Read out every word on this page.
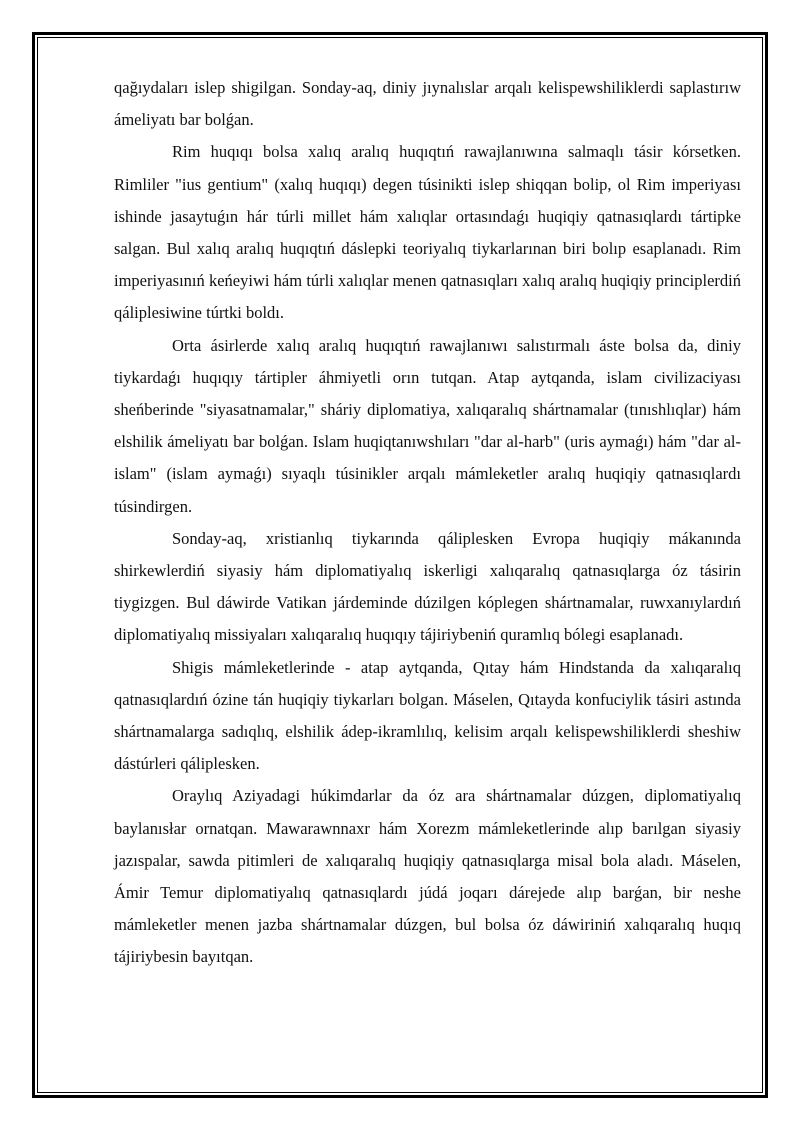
qağıydaları islep shigilgan. Sonday-aq, diniy jıynalıslar arqalı kelispewshiliklerdi saplastırıw ámeliyatı bar bolǵan.

Rim huqıqı bolsa xalıq aralıq huqıqtıń rawajlanıwına salmaqlı tásir kórsetken. Rimliler "ius gentium" (xalıq huqıqı) degen túsinikti islep shiqqan bolip, ol Rim imperiyası ishinde jasaytuǵın hár túrli millet hám xalıqlar ortasındaǵı huqiqiy qatnasıqlardı tártipke salgan. Bul xalıq aralıq huqıqtıń dáslepki teoriyalıq tiykarlarınan biri bolıp esaplanadı. Rim imperiyasınıń keńeyiwi hám túrli xalıqlar menen qatnasıqları xalıq aralıq huqiqiy principlerdiń qáliplesiwine túrtki boldı.

Orta ásirlerde xalıq aralıq huqıqtıń rawajlanıwı salıstırmalı áste bolsa da, diniy tiykardaǵı huqıqıy tártipler áhmiyetli orın tutqan. Atap aytqanda, islam civilizaciyası sheńberinde "siyasatnamalar," sháriy diplomatiya, xalıqaralıq shártnamalar (tınıshlıqlar) hám elshilik ámeliyatı bar bolǵan. Islam huqiqtanıwshıları "dar al-harb" (uris aymaǵı) hám "dar al-islam" (islam aymaǵı) sıyaqlı túsinikler arqalı mámleketler aralıq huqiqiy qatnasıqlardı túsindirgen.

Sonday-aq, xristianlıq tiykarında qáliplesken Evropa huqiqiy mákanında shirkewlerdiń siyasiy hám diplomatiyalıq iskerligi xalıqaralıq qatnasıqlarga óz tásirin tiygizgen. Bul dáwirde Vatikan járdeminde dúzilgen kóplegen shártnamalar, ruwxanıylardıń diplomatiyalıq missiyaları xalıqaralıq huqıqıy tájiriybeniń quramlıq bólegi esaplanadı.

Shigis mámleketlerinde - atap aytqanda, Qıtay hám Hindstanda da xalıqaralıq qatnasıqlardıń ózine tán huqiqiy tiykarları bolgan. Máselen, Qıtayda konfuciylik tásiri astında shártnamalarga sadıqlıq, elshilik ádep-ikramlılıq, kelisim arqalı kelispewshiliklerdi sheshiw dástúrleri qáliplesken.

Oraylıq Aziyadagi húkimdarlar da óz ara shártnamalar dúzgen, diplomatiyalıq baylanısłar ornatqan. Mawarawnnaxr hám Xorezm mámleketlerinde alıp barılgan siyasiy jazıspalar, sawda pitimleri de xalıqaralıq huqiqiy qatnasıqlarga misal bola aladı. Máselen, Ámir Temur diplomatiyalıq qatnasıqlardı júdá joqarı dárejede alıp barǵan, bir neshe mámleketler menen jazba shártnamalar dúzgen, bul bolsa óz dáwiriniń xalıqaralıq huqıq tájiriybesin bayıtqan.
